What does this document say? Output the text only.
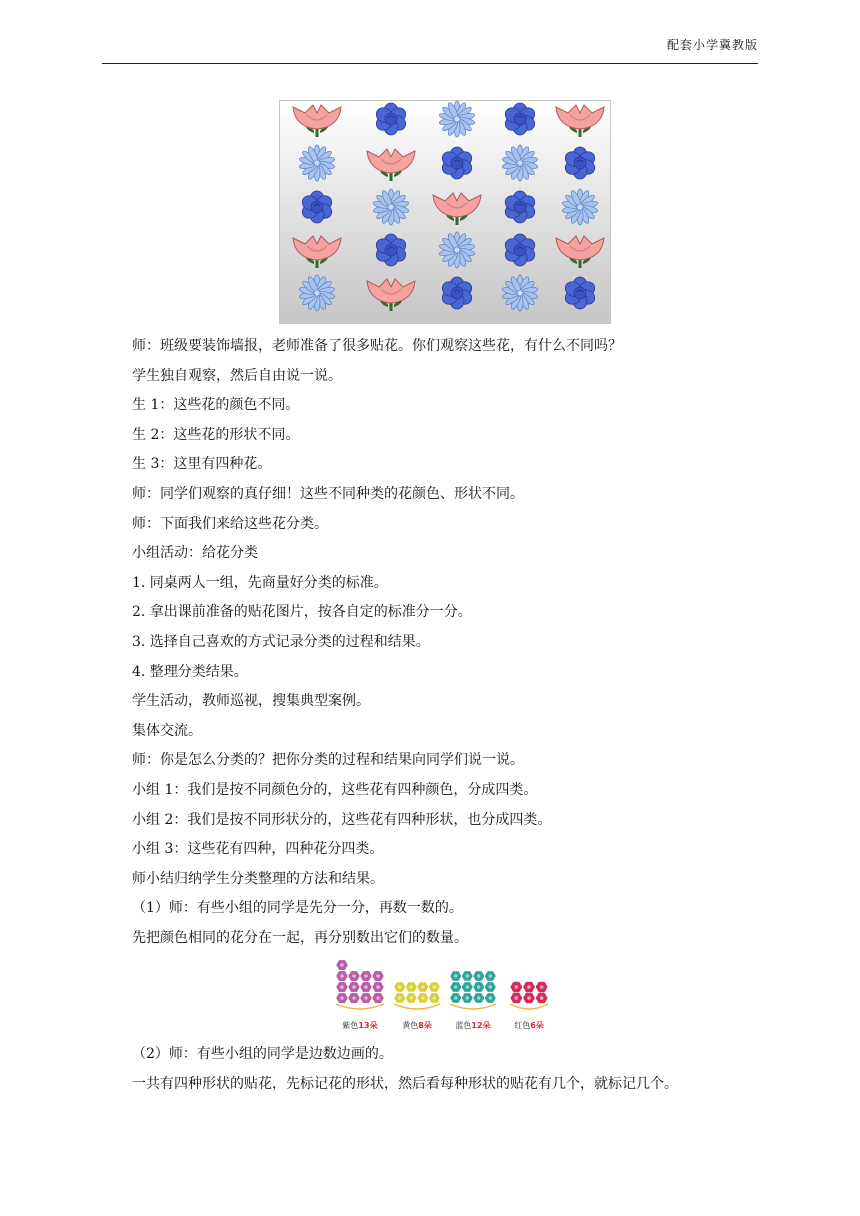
配套小学冀教版
师：班级要装饰墙报，老师准备了很多贴花。你们观察这些花，有什么不同吗？
学生独自观察，然后自由说一说。
生 1：这些花的颜色不同。
生 2：这些花的形状不同。
生 3：这里有四种花。
师：同学们观察的真仔细！这些不同种类的花颜色、形状不同。
师：下面我们来给这些花分类。
小组活动：给花分类
1. 同桌两人一组，先商量好分类的标准。
2. 拿出课前准备的贴花图片，按各自定的标准分一分。
3. 选择自己喜欢的方式记录分类的过程和结果。
4. 整理分类结果。
学生活动，教师巡视，搜集典型案例。
集体交流。
师：你是怎么分类的？把你分类的过程和结果向同学们说一说。
小组 1：我们是按不同颜色分的，这些花有四种颜色，分成四类。
小组 2：我们是按不同形状分的，这些花有四种形状，也分成四类。
小组 3：这些花有四种，四种花分四类。
师小结归纳学生分类整理的方法和结果。
（1）师：有些小组的同学是先分一分，再数一数的。
先把颜色相同的花分在一起，再分别数出它们的数量。
紫色13朵	黄色8朵	蓝色12朵	红色6朵
（2）师：有些小组的同学是边数边画的。
一共有四种形状的贴花，先标记花的形状，然后看每种形状的贴花有几个，就标记几个。
